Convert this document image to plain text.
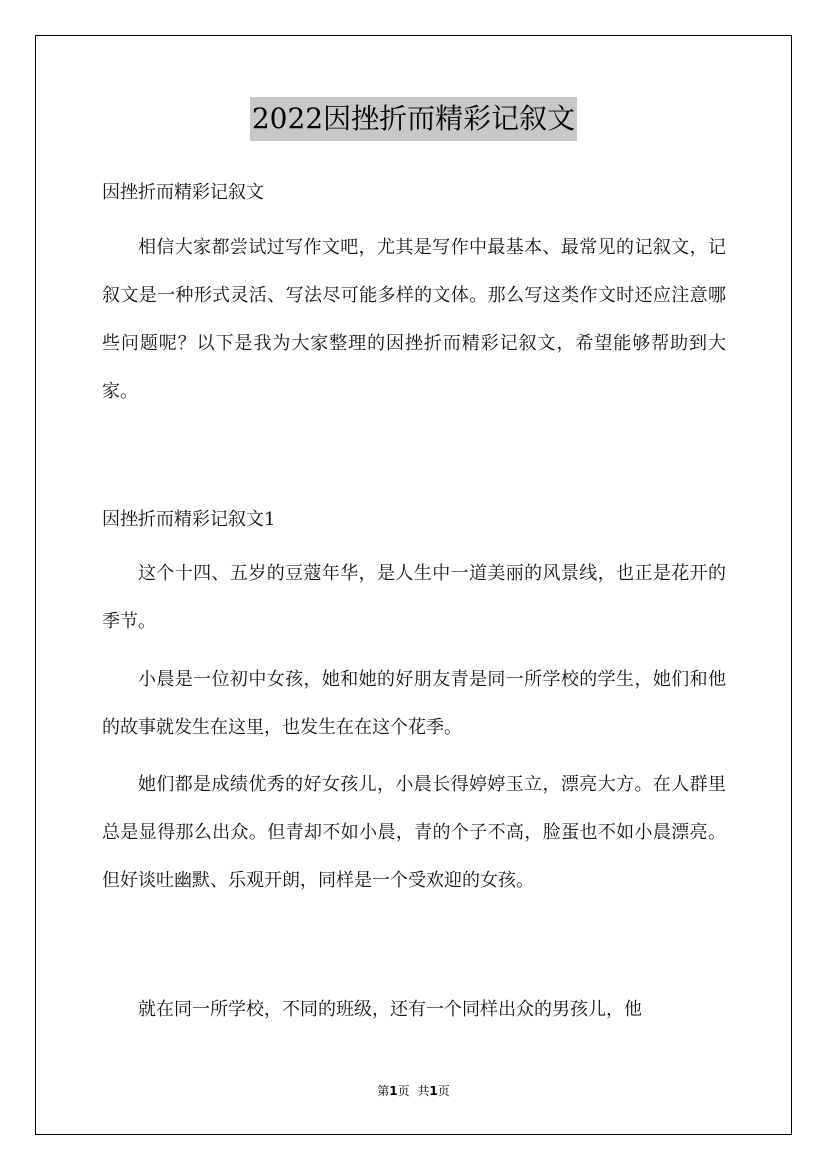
2022因挫折而精彩记叙文
因挫折而精彩记叙文
相信大家都尝试过写作文吧，尤其是写作中最基本、最常见的记叙文，记叙文是一种形式灵活、写法尽可能多样的文体。那么写这类作文时还应注意哪些问题呢？以下是我为大家整理的因挫折而精彩记叙文，希望能够帮助到大家。
因挫折而精彩记叙文1
这个十四、五岁的豆蔻年华，是人生中一道美丽的风景线，也正是花开的季节。
小晨是一位初中女孩，她和她的好朋友青是同一所学校的学生，她们和他的故事就发生在这里，也发生在在这个花季。
她们都是成绩优秀的好女孩儿，小晨长得婷婷玉立，漂亮大方。在人群里总是显得那么出众。但青却不如小晨，青的个子不高，脸蛋也不如小晨漂亮。但好谈吐幽默、乐观开朗，同样是一个受欢迎的女孩。
就在同一所学校，不同的班级，还有一个同样出众的男孩儿，他
第1页 共1页
